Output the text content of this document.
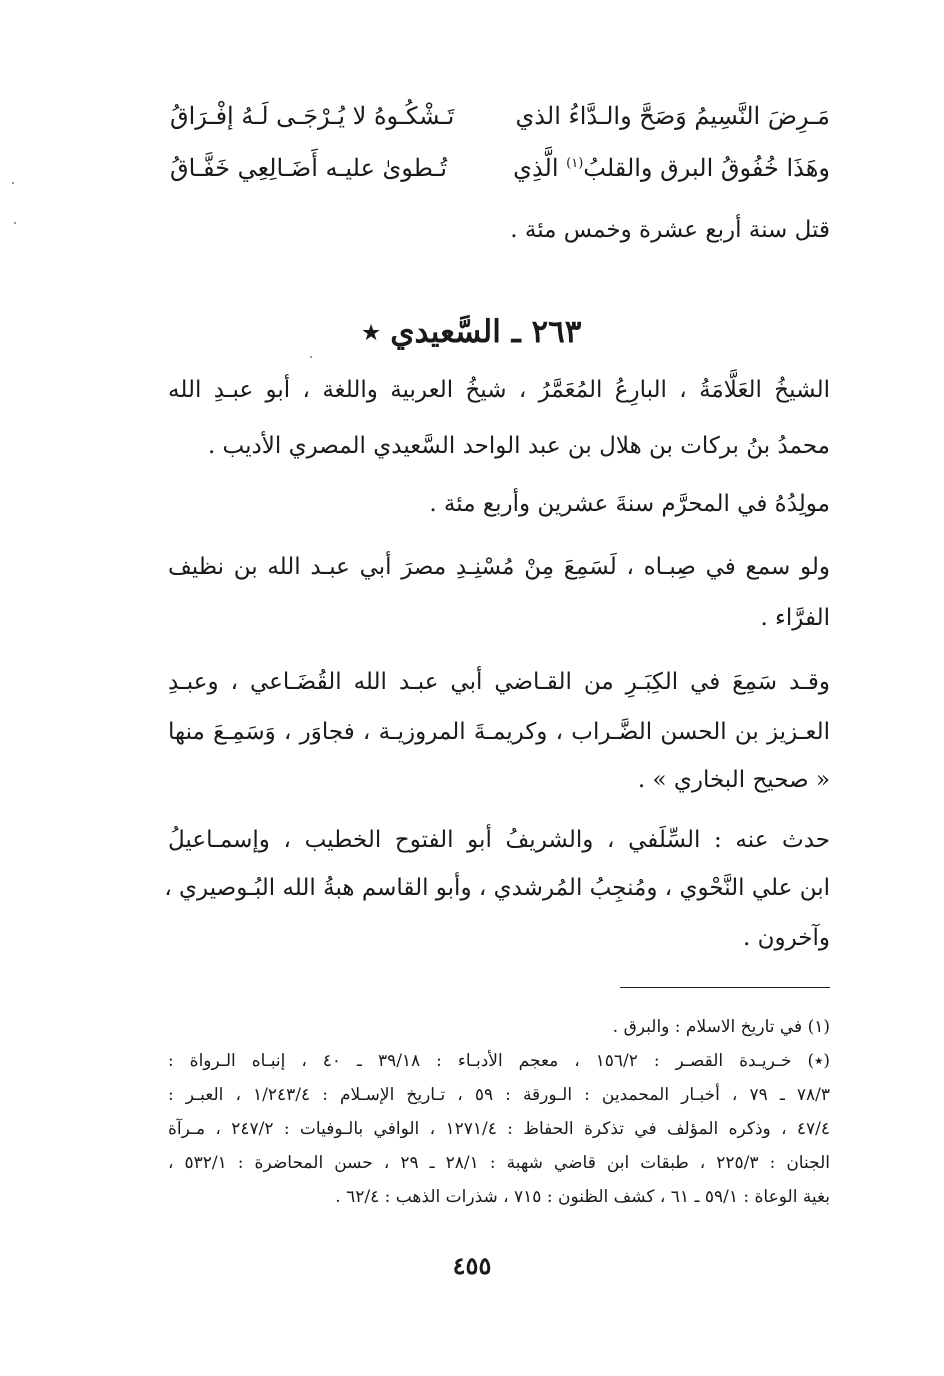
مَـرِضَ النَّسِيمُ وَصَحَّ والـدَّاءُ الذي
تَـشْكُـوهُ لا يُـرْجَـى لَـهُ إفْـرَاقُ
وهَذَا خُفُوقُ البرق والقلبُ$^{(١)}$ الَّذِي
تُـطوىٰ عليـه أَضَـالِعِي خَفَّـاقُ
قتل سنة أربع عشرة وخمس مئة .
٢٦٣ ـ السَّعيدي ٭
الشيخُ العَلَّامَةُ ، البارِعُ المُعَمَّرُ ، شيخُ العربية واللغة ، أبو عبـدِ الله
محمدُ بنُ بركات بن هلال بن عبد الواحد السَّعيدي المصري الأديب .
مولِدُهُ في المحرَّم سنةَ عشرين وأربع مئة .
ولو سمع في صِبـاه ، لَسَمِعَ مِنْ مُسْنِـدِ مصرَ أبي عبـد الله بن نظيف
الفرَّاء .
وقـد سَمِعَ في الكِبَـرِ من القـاضي أبي عبـد الله القُضَـاعي ، وعبـدِ
العـزيز بن الحسن الضَّـراب ، وكريمـةَ المروزيـة ، فجاوَر ، وَسَمِـعَ منها
« صحيح البخاري » .
حدث عنه : السِّلَفي ، والشريفُ أبو الفتوح الخطيب ، وإسمـاعيلُ
ابن علي النَّحْوي ، ومُنجِبُ المُرشدي ، وأبو القاسم هبةُ الله البُـوصيري ،
وآخرون .
(١) في تاريخ الاسلام : والبرق .
(٭) خـريـدة القصـر : ١٥٦/٢ ، معجم الأدبـاء : ٣٩/١٨ ـ ٤٠ ، إنبـاه الـرواة :
٧٨/٣ ـ ٧٩ ، أخبـار المحمدين : الـورقة : ٥٩ ، تـاريخ الإسـلام : ١/٢٤٣/٤ ، العبـر :
٤٧/٤ ، وذكره المؤلف في تذكرة الحفاظ : ١٢٧١/٤ ، الوافي بالـوفيات : ٢٤٧/٢ ، مـرآة
الجنان : ٢٢٥/٣ ، طبقات ابن قاضي شهبة : ٢٨/١ ـ ٢٩ ، حسن المحاضرة : ٥٣٢/١ ،
بغية الوعاة : ٥٩/١ ـ ٦١ ، كشف الظنون : ٧١٥ ، شذرات الذهب : ٦٢/٤ .
٤٥٥
